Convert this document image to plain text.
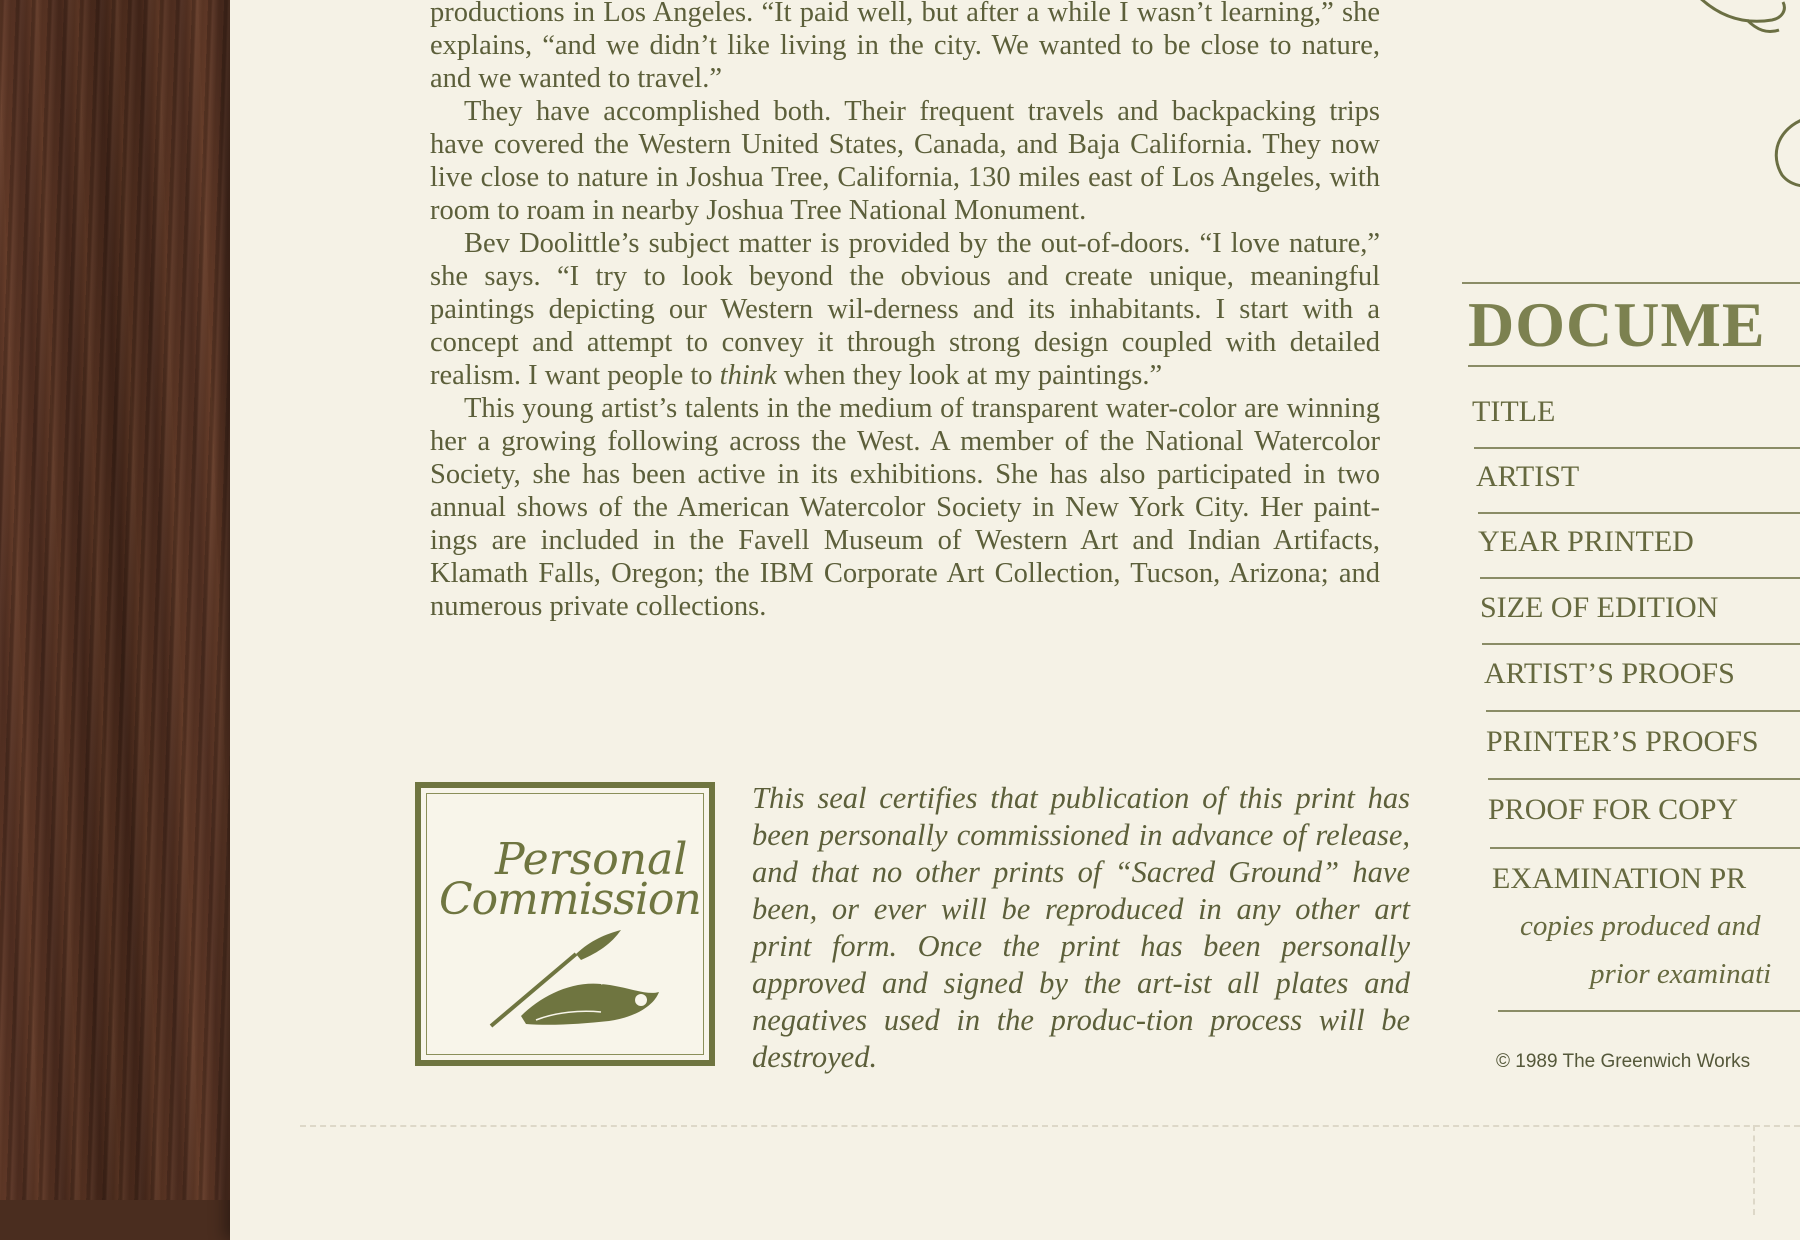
productions in Los Angeles. “It paid well, but after a while I wasn’t learning,” she explains, “and we didn’t like living in the city. We wanted to be close to nature, and we wanted to travel.”

They have accomplished both. Their frequent travels and backpacking trips have covered the Western United States, Canada, and Baja California. They now live close to nature in Joshua Tree, California, 130 miles east of Los Angeles, with room to roam in nearby Joshua Tree National Monument.

Bev Doolittle’s subject matter is provided by the out-of-doors. “I love nature,” she says. “I try to look beyond the obvious and create unique, meaningful paintings depicting our Western wil-derness and its inhabitants. I start with a concept and attempt to convey it through strong design coupled with detailed realism. I want people to think when they look at my paintings.”

This young artist’s talents in the medium of transparent water-color are winning her a growing following across the West. A member of the National Watercolor Society, she has been active in its exhibitions. She has also participated in two annual shows of the American Watercolor Society in New York City. Her paint-ings are included in the Favell Museum of Western Art and Indian Artifacts, Klamath Falls, Oregon; the IBM Corporate Art Collection, Tucson, Arizona; and numerous private collections.

Personal
Commission
This seal certifies that publication of this print has been personally commissioned in advance of release, and that no other prints of “Sacred Ground” have been, or ever will be reproduced in any other art print form. Once the print has been personally approved and signed by the art-ist all plates and negatives used in the produc-tion process will be destroyed.
DOCUME
TITLE
ARTIST
YEAR PRINTED
SIZE OF EDITION
ARTIST’S PROOFS
PRINTER’S PROOFS
PROOF FOR COPY
EXAMINATION PR
copies produced and
prior examinati
© 1989 The Greenwich Works
